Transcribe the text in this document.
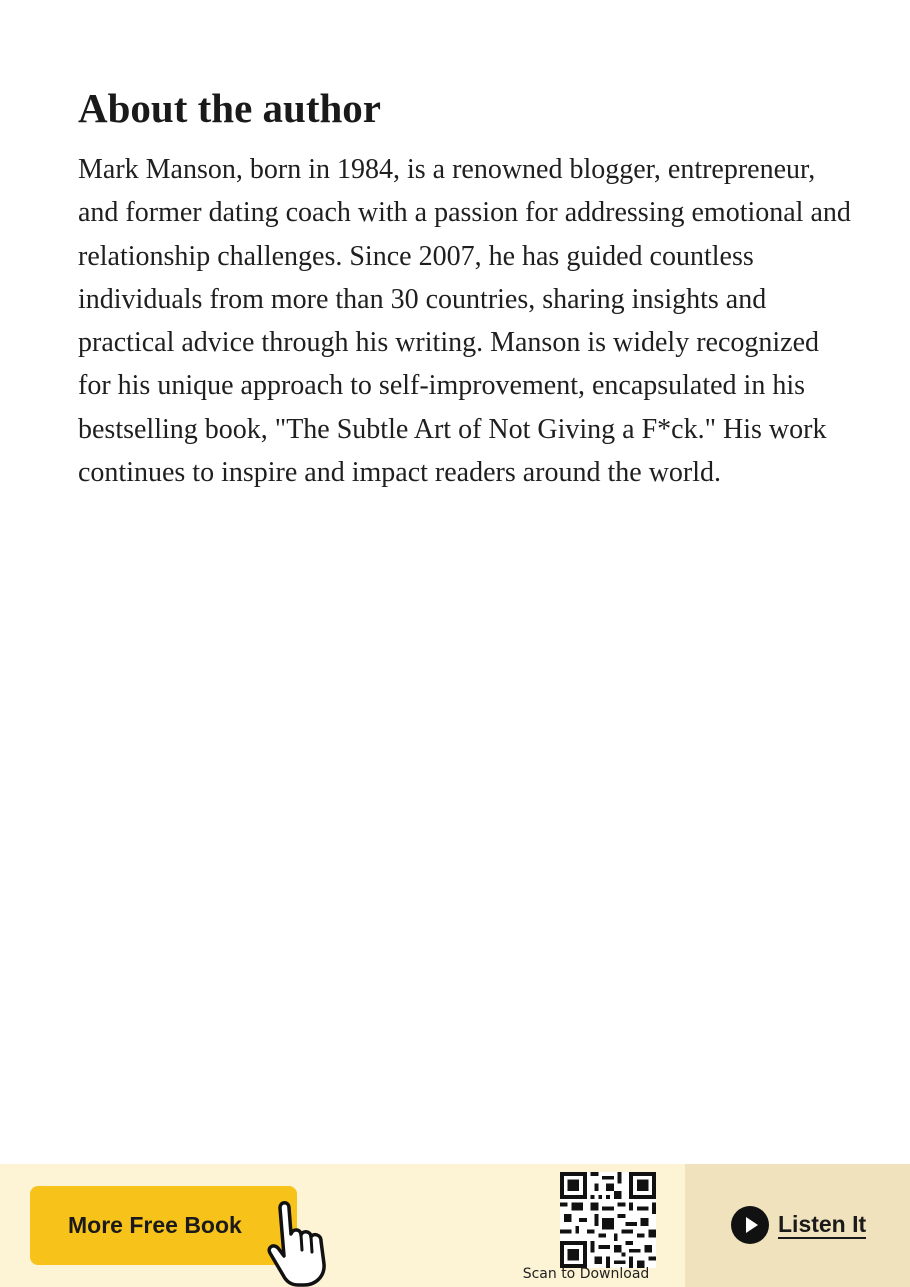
About the author

Mark Manson, born in 1984, is a renowned blogger, entrepreneur, and former dating coach with a passion for addressing emotional and relationship challenges. Since 2007, he has guided countless individuals from more than 30 countries, sharing insights and practical advice through his writing. Manson is widely recognized for his unique approach to self-improvement, encapsulated in his bestselling book, "The Subtle Art of Not Giving a F*ck." His work continues to inspire and impact readers around the world.

More Free Book
Scan to Download
Listen It
